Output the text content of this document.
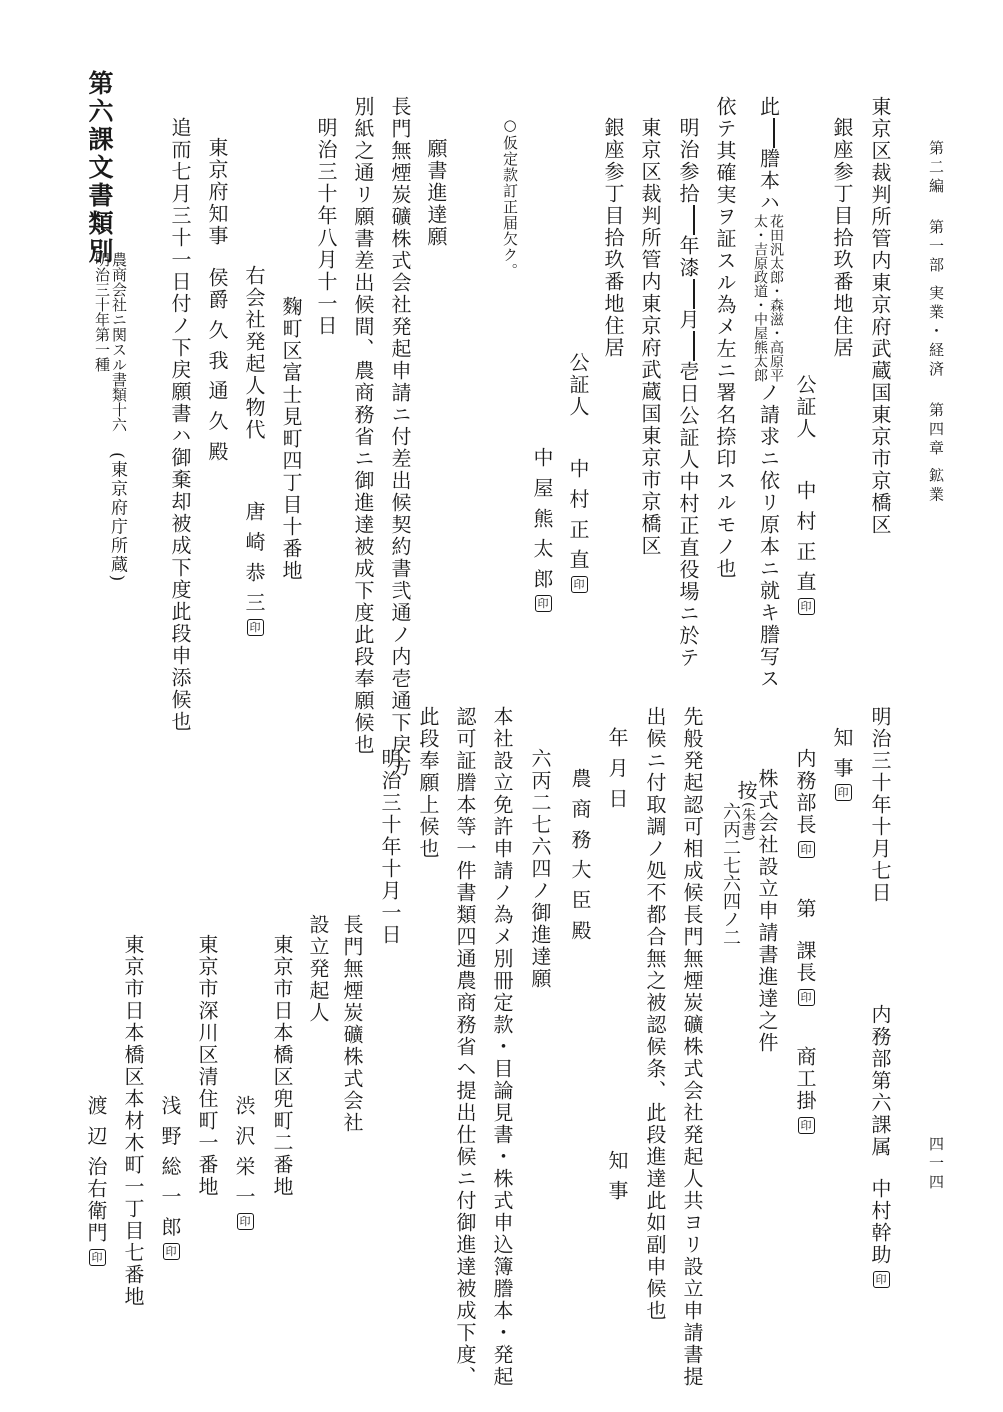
第二編第一部 実業・経済第四章 鉱業
東京区裁判所管内東京府武蔵国東京市京橋区
銀座参丁目拾玖番地住居
公証人中 村 正 直印
此謄本ハ
花田汎太郎・森滋・高原平
太・吉原政道・中屋熊太郎
ノ請求ニ依リ原本ニ就キ謄写ス
依テ其確実ヲ証スル為メ左ニ署名捺印スルモノ也
明治参拾年漆月壱日公証人中村正直役場ニ於テ
東京区裁判所管内東京府武蔵国東京市京橋区
銀座参丁目拾玖番地住居
公証人中 村 正 直印
中 屋 熊 太 郎印
○仮定款訂正届欠ク。
願書進達願
長門無煙炭礦株式会社発起申請ニ付差出候契約書弐通ノ内壱通下戻方
別紙之通リ願書差出候間、農商務省ニ御進達被成下度此段奉願候也
明治三十年八月十一日
麴町区富士見町四丁目十番地
右会社発起人物代唐 崎 恭 三印
東京府知事侯爵 久 我 通 久 殿
追而七月三十一日付ノ下戻願書ハ御棄却被成下度此段申添候也
農商会社ニ関スル書類十六
明治三十年第一種
(東京府庁所蔵)
第六課文書類別
四一四
明治三十年十月七日内務部第六課属中村幹助印
知 事印
内務部長印第課長印商工掛印
株式会社設立申請書進達之件
按
(朱書)
六丙二七六四ノ二
先般発起認可相成候長門無煙炭礦株式会社発起人共ヨリ設立申請書提
出候ニ付取調ノ処不都合無之被認候条、此段進達此如副申候也
年 月 日知 事
農 商 務 大 臣 殿
六丙二七六四ノ御進達願
本社設立免許申請ノ為メ別冊定款・目論見書・株式申込簿謄本・発起
認可証謄本等一件書類四通農商務省ヘ提出仕候ニ付御進達被成下度、
此段奉願上候也
明治三十年十月一日
長門無煙炭礦株式会社
設立発起人
東京市日本橋区兜町二番地
渋 沢 栄 一印
東京市深川区清住町一番地
浅 野 総 一 郎印
東京市日本橋区本材木町一丁目七番地
渡 辺 治右衛門印
